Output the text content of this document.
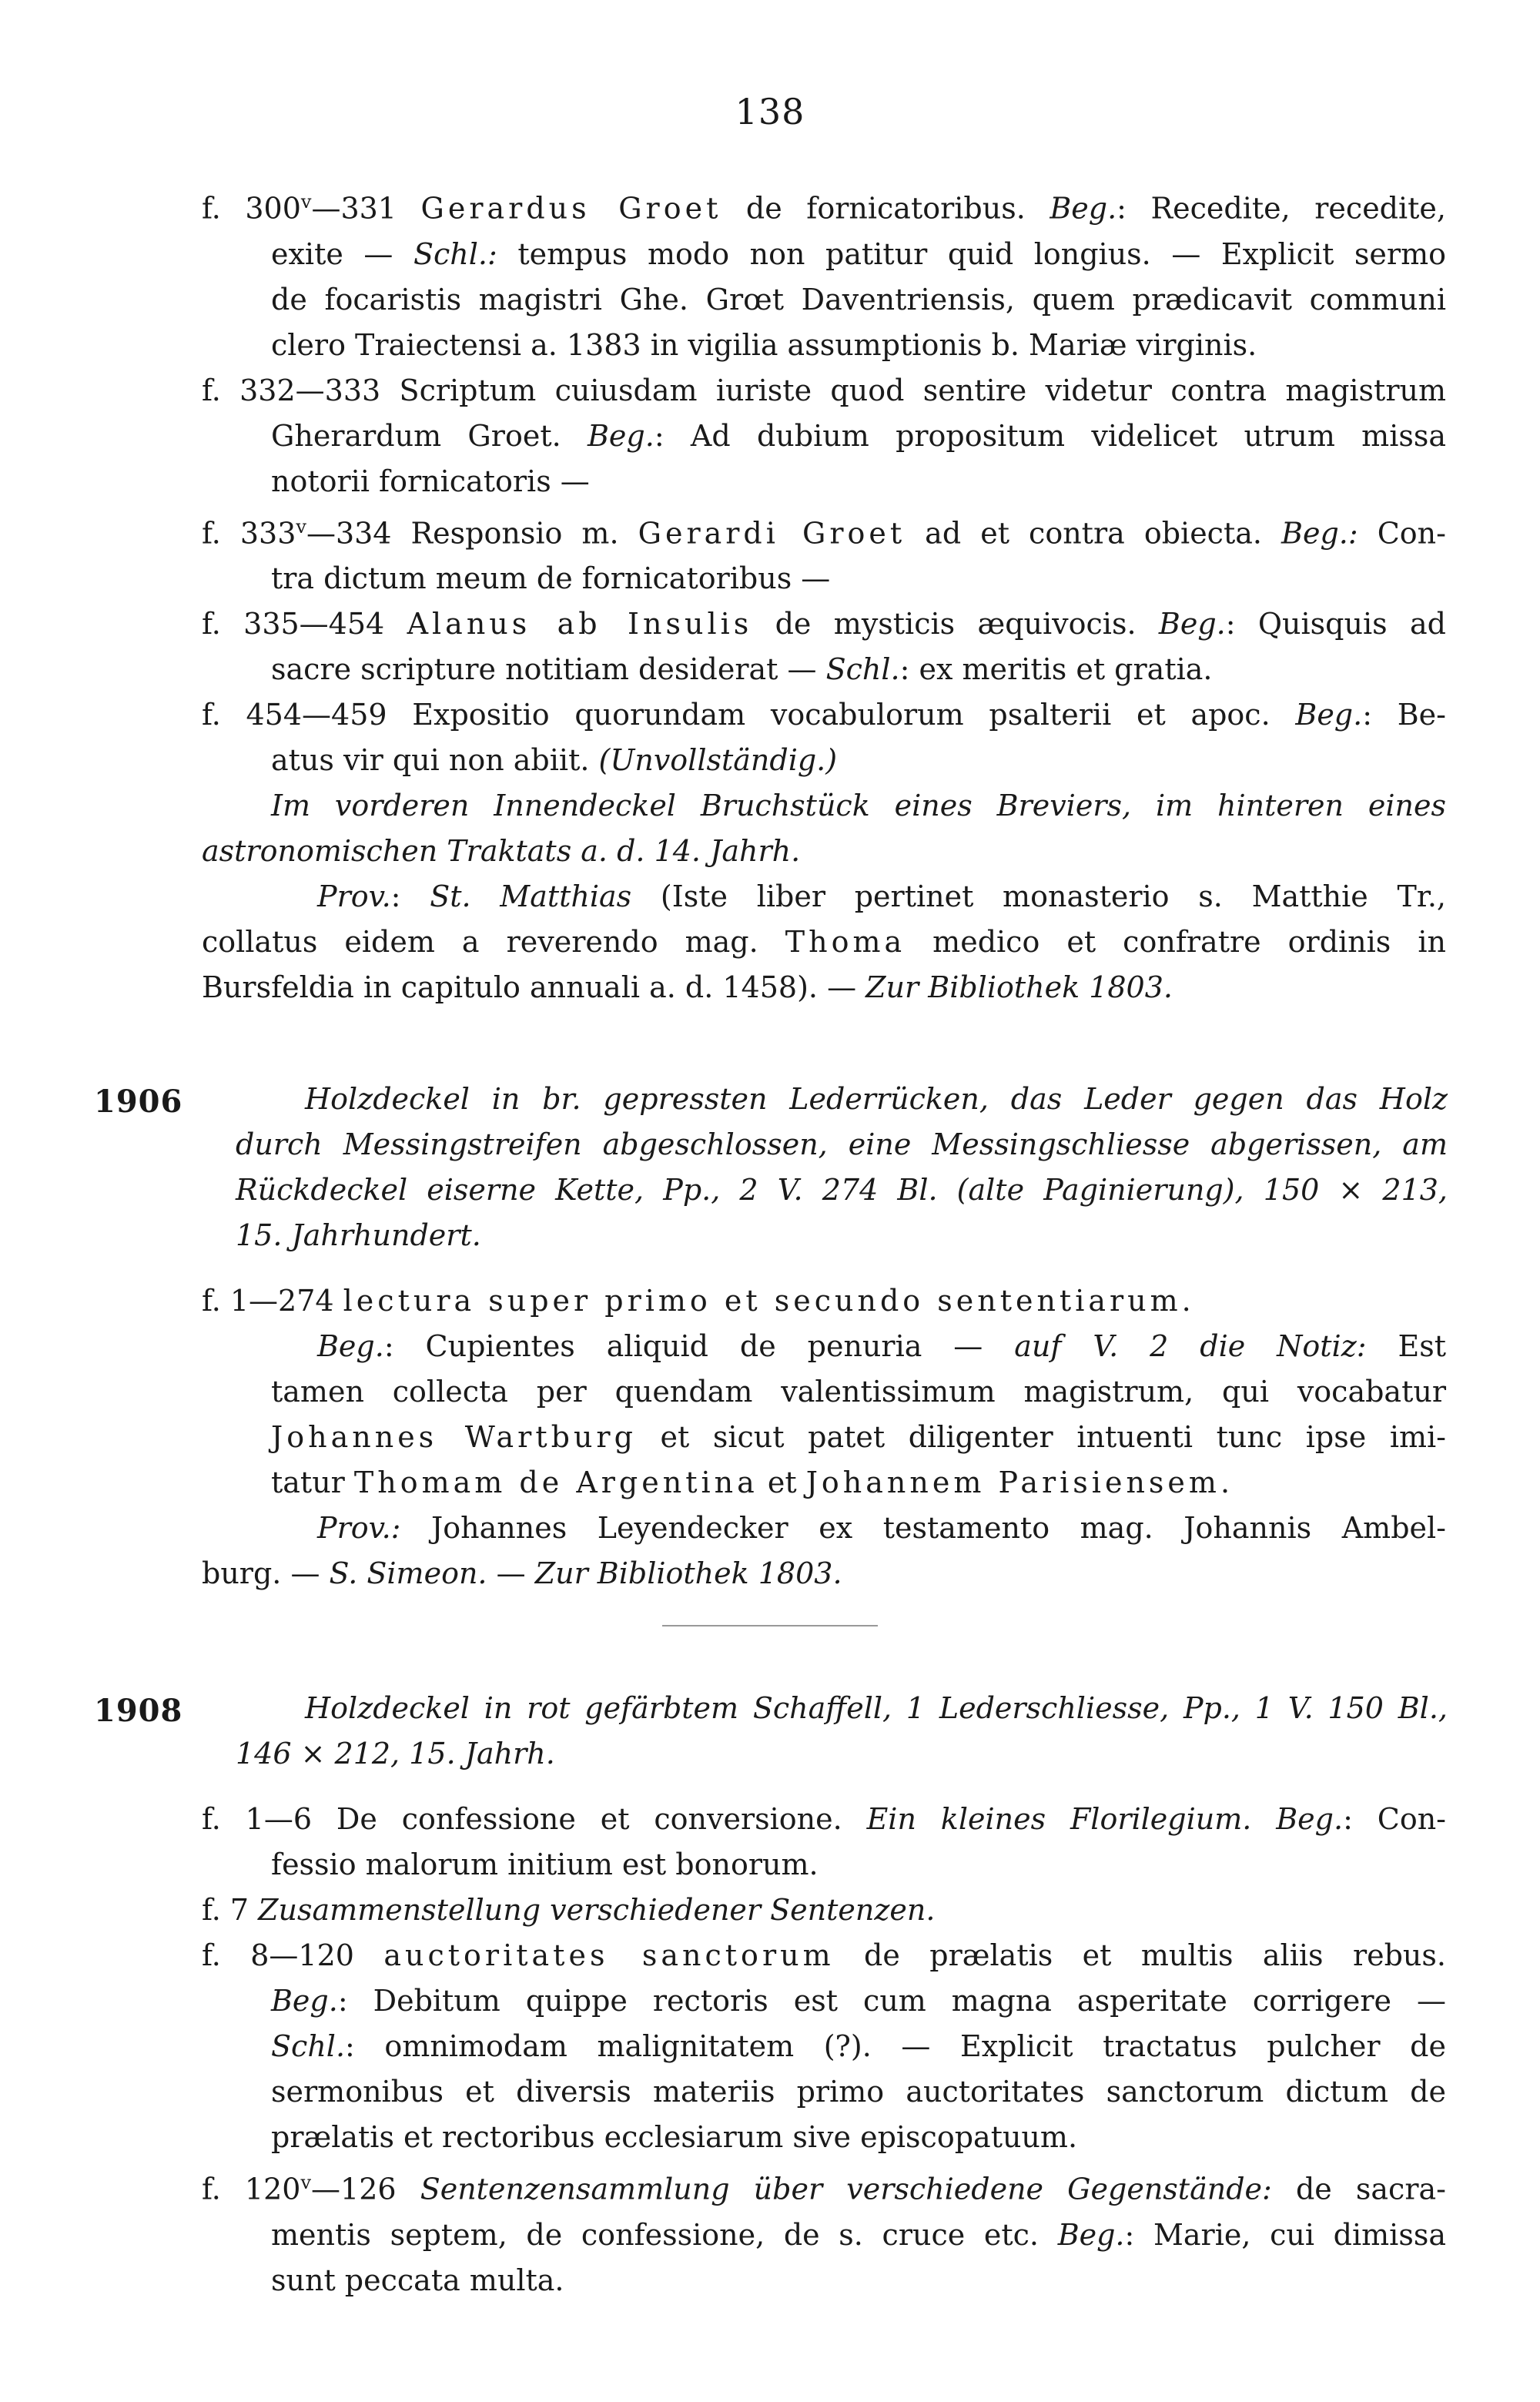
138
f. 300$^v$—331 Gerardus Groet de fornicatoribus. Beg.: Recedite, recedite,
exite — Schl.: tempus modo non patitur quid longius. — Explicit sermo
de focaristis magistri Ghe. Grœt Daventriensis, quem prædicavit communi
clero Traiectensi a. 1383 in vigilia assumptionis b. Mariæ virginis.
f. 332—333 Scriptum cuiusdam iuriste quod sentire videtur contra magistrum
Gherardum Groet. Beg.: Ad dubium propositum videlicet utrum missa
notorii fornicatoris —
f. 333$^v$—334 Responsio m. Gerardi Groet ad et contra obiecta. Beg.: Con-
tra dictum meum de fornicatoribus —
f. 335—454 Alanus ab Insulis de mysticis æquivocis. Beg.: Quisquis ad
sacre scripture notitiam desiderat — Schl.: ex meritis et gratia.
f. 454—459 Expositio quorundam vocabulorum psalterii et apoc. Beg.: Be-
atus vir qui non abiit. (Unvollständig.)
Im vorderen Innendeckel Bruchstück eines Breviers, im hinteren eines
astronomischen Traktats a. d. 14. Jahrh.
Prov.: St. Matthias (Iste liber pertinet monasterio s. Matthie Tr.,
collatus eidem a reverendo mag. Thoma medico et confratre ordinis in
Bursfeldia in capitulo annuali a. d. 1458). — Zur Bibliothek 1803.
1906	Holzdeckel in br. gepressten Lederrücken, das Leder gegen das Holz
durch Messingstreifen abgeschlossen, eine Messingschliesse abgerissen, am
Rückdeckel eiserne Kette, Pp., 2 V. 274 Bl. (alte Paginierung), 150 × 213,
15. Jahrhundert.
f. 1—274 lectura super primo et secundo sententiarum.
Beg.: Cupientes aliquid de penuria — auf V. 2 die Notiz: Est
tamen collecta per quendam valentissimum magistrum, qui vocabatur
Johannes Wartburg et sicut patet diligenter intuenti tunc ipse imi-
tatur Thomam de Argentina et Johannem Parisiensem.
Prov.: Johannes Leyendecker ex testamento mag. Johannis Ambel-
burg. — S. Simeon. — Zur Bibliothek 1803.
1908	Holzdeckel in rot gefärbtem Schaffell, 1 Lederschliesse, Pp., 1 V. 150 Bl.,
146 × 212, 15. Jahrh.
f. 1—6 De confessione et conversione. Ein kleines Florilegium. Beg.: Con-
fessio malorum initium est bonorum.
f. 7 Zusammenstellung verschiedener Sentenzen.
f. 8—120 auctoritates sanctorum de prælatis et multis aliis rebus.
Beg.: Debitum quippe rectoris est cum magna asperitate corrigere —
Schl.: omnimodam malignitatem (?). — Explicit tractatus pulcher de
sermonibus et diversis materiis primo auctoritates sanctorum dictum de
prælatis et rectoribus ecclesiarum sive episcopatuum.
f. 120$^v$—126 Sentenzensammlung über verschiedene Gegenstände: de sacra-
mentis septem, de confessione, de s. cruce etc. Beg.: Marie, cui dimissa
sunt peccata multa.
